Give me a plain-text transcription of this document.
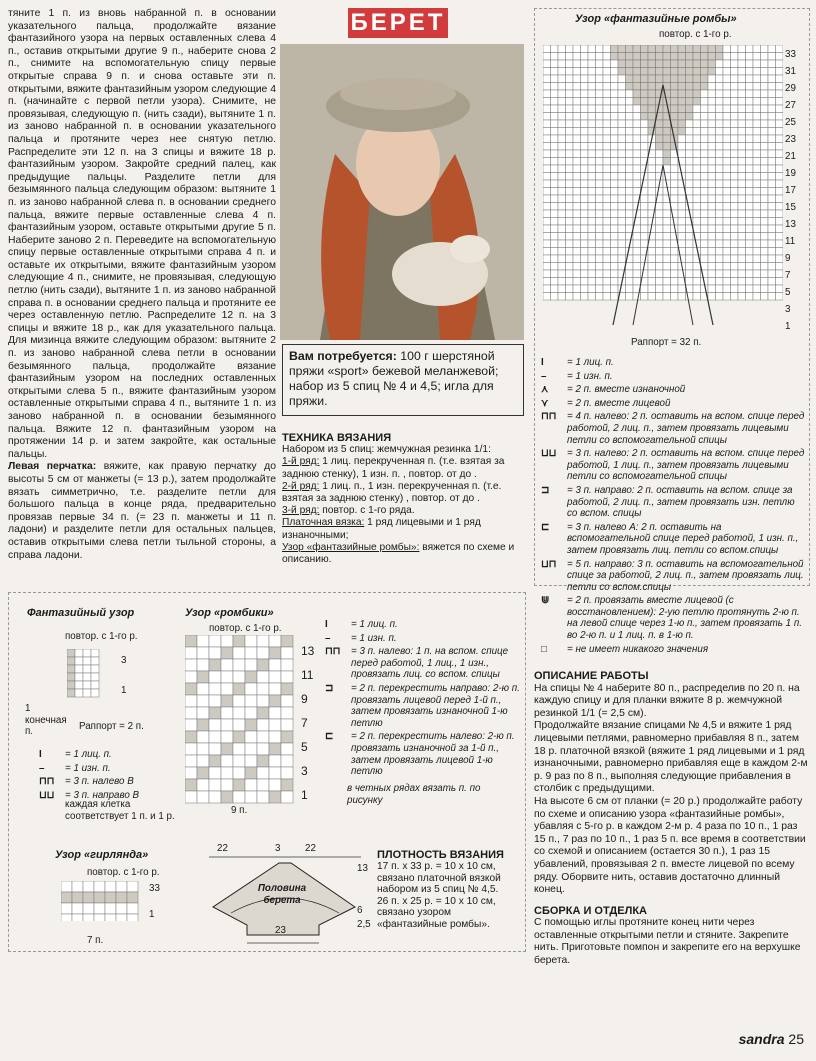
тяните 1 п. из вновь набранной п. в основании указательного пальца, продолжайте вязание фантазийного узора на первых оставленных слева 4 п., оставив открытыми другие 9 п., наберите снова 2 п., снимите на вспомогательную спицу первые открытые справа 9 п. и снова оставьте эти п. открытыми, вяжите фантазийным узором следующие 4 п. (начинайте с первой петли узора). Снимите, не провязывая, следующую п. (нить сзади), вытяните 1 п. из заново набранной п. в основании указательного пальца и протяните через нее снятую петлю. Распределите эти 12 п. на 3 спицы и вяжите 18 р. фантазийным узором. Закройте средний палец, как предыдущие пальцы. Разделите петли для безымянного пальца следующим образом: вытяните 1 п. из заново набранной слева п. в основании среднего пальца, вяжите первые оставленные слева 4 п. фантазийным узором, оставьте открытыми другие 5 п. Наберите заново 2 п. Переведите на вспомогательную спицу первые оставленные открытыми справа 4 п. и оставьте их открытыми, вяжите фантазийным узором следующие 4 п., снимите, не провязывая, следующую петлю (нить сзади), вытяните 1 п. из заново набранной справа п. в основании среднего пальца и протяните ее через оставленную петлю. Распределите 12 п. на 3 спицы и вяжите 18 р., как для указательного пальца. Для мизинца вяжите следующим образом: вытяните 2 п. из заново набранной слева петли в основании безымянного пальца, продолжайте вязание фантазийным узором на последних оставленных открытыми слева 5 п., вяжите фантазийным узором оставленные открытыми справа 4 п., вытяните 1 п. из заново набранной п. в основании безымянного пальца. Вяжите 12 п. фантазийным узором на протяжении 14 р. и затем закройте, как остальные пальцы.

Левая перчатка: вяжите, как правую перчатку до высоты 5 см от манжеты (= 13 р.), затем продолжайте вязать симметрично, т.е. разделите петли для большого пальца в конце ряда, предварительно провязав первые 34 п. (= 23 п. манжеты и 11 п. ладони) и разделите петли для остальных пальцев, оставив открытыми слева петли тыльной стороны, а справа ладони.

БЕРЕТ
Вам потребуется: 100 г шерстяной пряжи «sport» бежевой меланжевой; набор из 5 спиц № 4 и 4,5; игла для пряжи.
ТЕХНИКА ВЯЗАНИЯ

Набором из 5 спиц: жемчужная резинка 1/1:

1-й ряд: 1 лиц. перекрученная п. (т.е. взятая за заднюю стенку), 1 изн. п. , повтор. от до .

2-й ряд: 1 лиц. п., 1 изн. перекрученная п. (т.е. взятая за заднюю стенку) , повтор. от до .

3-й ряд: повтор. с 1-го ряда.

Платочная вязка: 1 ряд лицевыми и 1 ряд изнаночными;

Узор «фантазийные ромбы»: вяжется по схеме и описанию.

Узор «фантазийные ромбы»
повтор. с 1-го р.
33
31
29
27
25
23
21
19
17
15
13
11
9
7
5
3
1
Раппорт = 32 п.
I	= 1 лиц. п.
–	= 1 изн. п.
⋏	= 2 п. вместе изнаночной
⋎	= 2 п. вместе лицевой
⊓⊓	= 4 п. налево: 2 п. оставить на вспом. спице перед работой, 2 лиц. п., затем провязать лицевыми петли со вспомогательной спицы
⊔⊔	= 3 п. налево: 2 п. оставить на вспом. спице перед работой, 1 лиц. п., затем провязать лицевыми петли со вспомогательной спицы
⊐	= 3 п. направо: 2 п. оставить на вспом. спице за работой, 2 лиц. п., затем провязать изн. петлю со вспом. спицы
⊏	= 3 п. налево А: 2 п. оставить на вспомогательной спице перед работой, 1 изн. п., затем провязать лиц. петли со вспом.спицы
⊔⊓	= 5 п. направо: 3 п. оставить на вспомогательной спице за работой, 2 лиц. п., затем провязать лиц. петли со вспом.спицы
⋓	= 2 п. провязать вместе лицевой (с восстановлением): 2-ую петлю протянуть 2-ю п. на левой спице через 1-ю п., затем провязать 1 п. во 2-ю п. и 1 лиц. п. в 1-ю п.
□	= не имеет никакого значения
ОПИСАНИЕ РАБОТЫ

На спицы № 4 наберите 80 п., распределив по 20 п. на каждую спицу и для планки вяжите 8 р. жемчужной резинкой 1/1 (= 2,5 см).

Продолжайте вязание спицами № 4,5 и вяжите 1 ряд лицевыми петлями, равномерно прибавляя 8 п., затем 18 р. платочной вязкой (вяжите 1 ряд лицевыми и 1 ряд изнаночными, равномерно прибавляя еще в каждом 2-м р. 9 раз по 8 п., выполняя следующие прибавления в столбик с предыдущими.

На высоте 6 см от планки (= 20 р.) продолжайте работу по схеме и описанию узора «фантазийные ромбы», убавляя с 5-го р. в каждом 2-м р. 4 раза по 10 п., 1 раз 15 п., 7 раз по 10 п., 1 раз 5 п. все время в соответствии со схемой и описанием (остается 30 п.), 1 раз 15 убавлений, провязывая 2 п. вместе лицевой по всему ряду. Оборвите нить, оставив достаточно длинный конец.

СБОРКА И ОТДЕЛКА

С помощью иглы протяните конец нити через оставленные открытыми петли и стяните. Закрепите нить. Приготовьте помпон и закрепите его на верхушке берета.

Фантазийный узор
повтор. с 1-го р.
3
1
1 конечная п.	Раппорт = 2 п.
I	= 1 лиц. п.
–	= 1 изн. п.
⊓⊓	= 3 п. налево В
⊔⊔	= 3 п. направо В
каждая клетка соответствует 1 п. и 1 р.
Узор «ромбики»
повтор. с 1-го р.
13
11
9
7
5
3
1
9 п.
I	= 1 лиц. п.
–	= 1 изн. п.
⊓⊓	= 3 п. налево: 1 п. на вспом. спице перед работой, 1 лиц., 1 изн., провязать лиц. со вспом. спицы
⊐	= 2 п. перекрестить направо: 2-ю п. провязать лицевой перед 1-й п., затем провязать изнаночной 1-ю петлю
⊏	= 2 п. перекрестить налево: 2-ю п. провязать изнаночной за 1-й п., затем провязать лицевой 1-ю петлю
в четных рядах вязать п. по рисунку
Узор «гирлянда»
повтор. с 1-го р.
33
1
7 п.
22	3	22
Половина берета
13
6
2,5
23
ПЛОТНОСТЬ ВЯЗАНИЯ
17 п. x 33 р. = 10 x 10 см, связано платочной вязкой набором из 5 спиц № 4,5.
26 п. x 25 р. = 10 x 10 см, связано узором «фантазийные ромбы».
sandra 25
